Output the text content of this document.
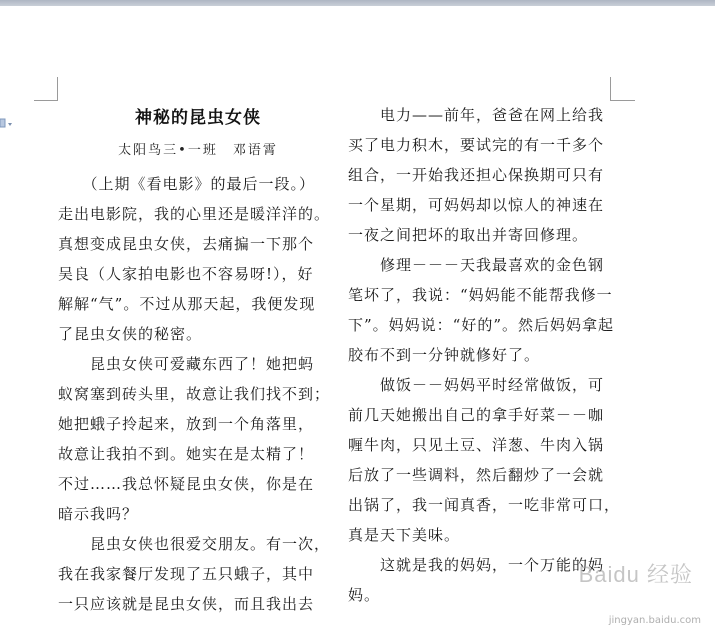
神秘的昆虫女侠
太阳鸟三•一班　邓语霄
　　（上期《看电影》的最后一段。）
走出电影院，我的心里还是暖洋洋的。
真想变成昆虫女侠，去痛揙一下那个
吴良（人家拍电影也不容易呀!），好
解解“气”。不过从那天起，我便发现
了昆虫女侠的秘密。
　　昆虫女侠可爱藏东西了！她把蚂
蚁窝塞到砖头里，故意让我们找不到；
她把蛾子拎起来，放到一个角落里，
故意让我拍不到。她实在是太精了！
不过……我总怀疑昆虫女侠，你是在
暗示我吗？
　　昆虫女侠也很爱交朋友。有一次，
我在我家餐厅发现了五只蛾子，其中
一只应该就是昆虫女侠，而且我出去
　　电力——前年，爸爸在网上给我
买了电力积木，要试完的有一千多个
组合，一开始我还担心保换期可只有
一个星期，可妈妈却以惊人的神速在
一夜之间把坏的取出并寄回修理。
　　修理－－－天我最喜欢的金色钢
笔坏了，我说：“妈妈能不能帮我修一
下”。妈妈说：“好的”。然后妈妈拿起
胶布不到一分钟就修好了。
　　做饭－－妈妈平时经常做饭，可
前几天她搬出自己的拿手好菜－－咖
喱牛肉，只见土豆、洋葱、牛肉入锅
后放了一些调料，然后翻炒了一会就
出锅了，我一闻真香，一吃非常可口，
真是天下美味。
　　这就是我的妈妈，一个万能的妈
妈。
Baidu 经验
jingyan.baidu.com
